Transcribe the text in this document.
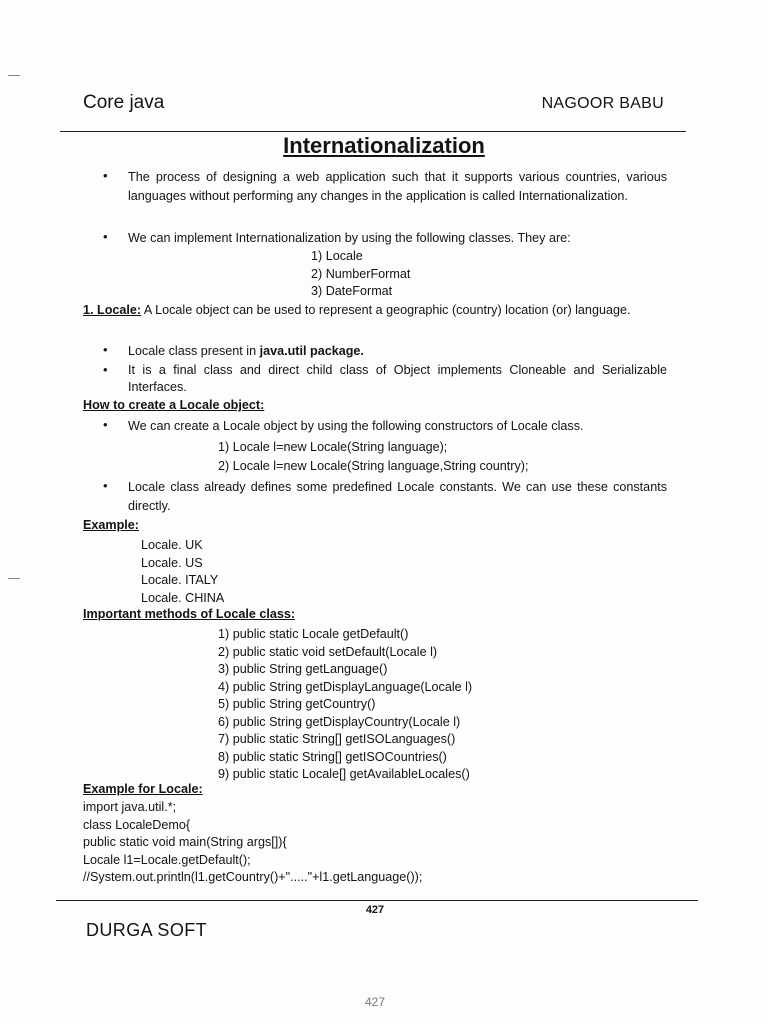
Core java	NAGOOR BABU
Internationalization
•	The process of designing a web application such that it supports various countries, various languages without performing any changes in the application is called Internationalization.
•	We can implement Internationalization by using the following classes. They are:
1) Locale
2) NumberFormat
3) DateFormat
1. Locale: A Locale object can be used to represent a geographic (country) location (or) language.
•	Locale class present in java.util package.
•	It is a final class and direct child class of Object implements Cloneable and Serializable Interfaces.
How to create a Locale object:
•	We can create a Locale object by using the following constructors of Locale class.
1) Locale l=new Locale(String language);
2) Locale l=new Locale(String language,String country);
•	Locale class already defines some predefined Locale constants. We can use these constants directly.
Example:
Locale. UK
Locale. US
Locale. ITALY
Locale. CHINA
Important methods of Locale class:
1) public static Locale getDefault()
2) public static void setDefault(Locale l)
3) public String getLanguage()
4) public String getDisplayLanguage(Locale l)
5) public String getCountry()
6) public String getDisplayCountry(Locale l)
7) public static String[] getISOLanguages()
8) public static String[] getISOCountries()
9) public static Locale[] getAvailableLocales()
Example for Locale:
import java.util.*;
class LocaleDemo{
public static void main(String args[]){
Locale l1=Locale.getDefault();
//System.out.println(l1.getCountry()+"....."+l1.getLanguage());
427
DURGA SOFT
427
